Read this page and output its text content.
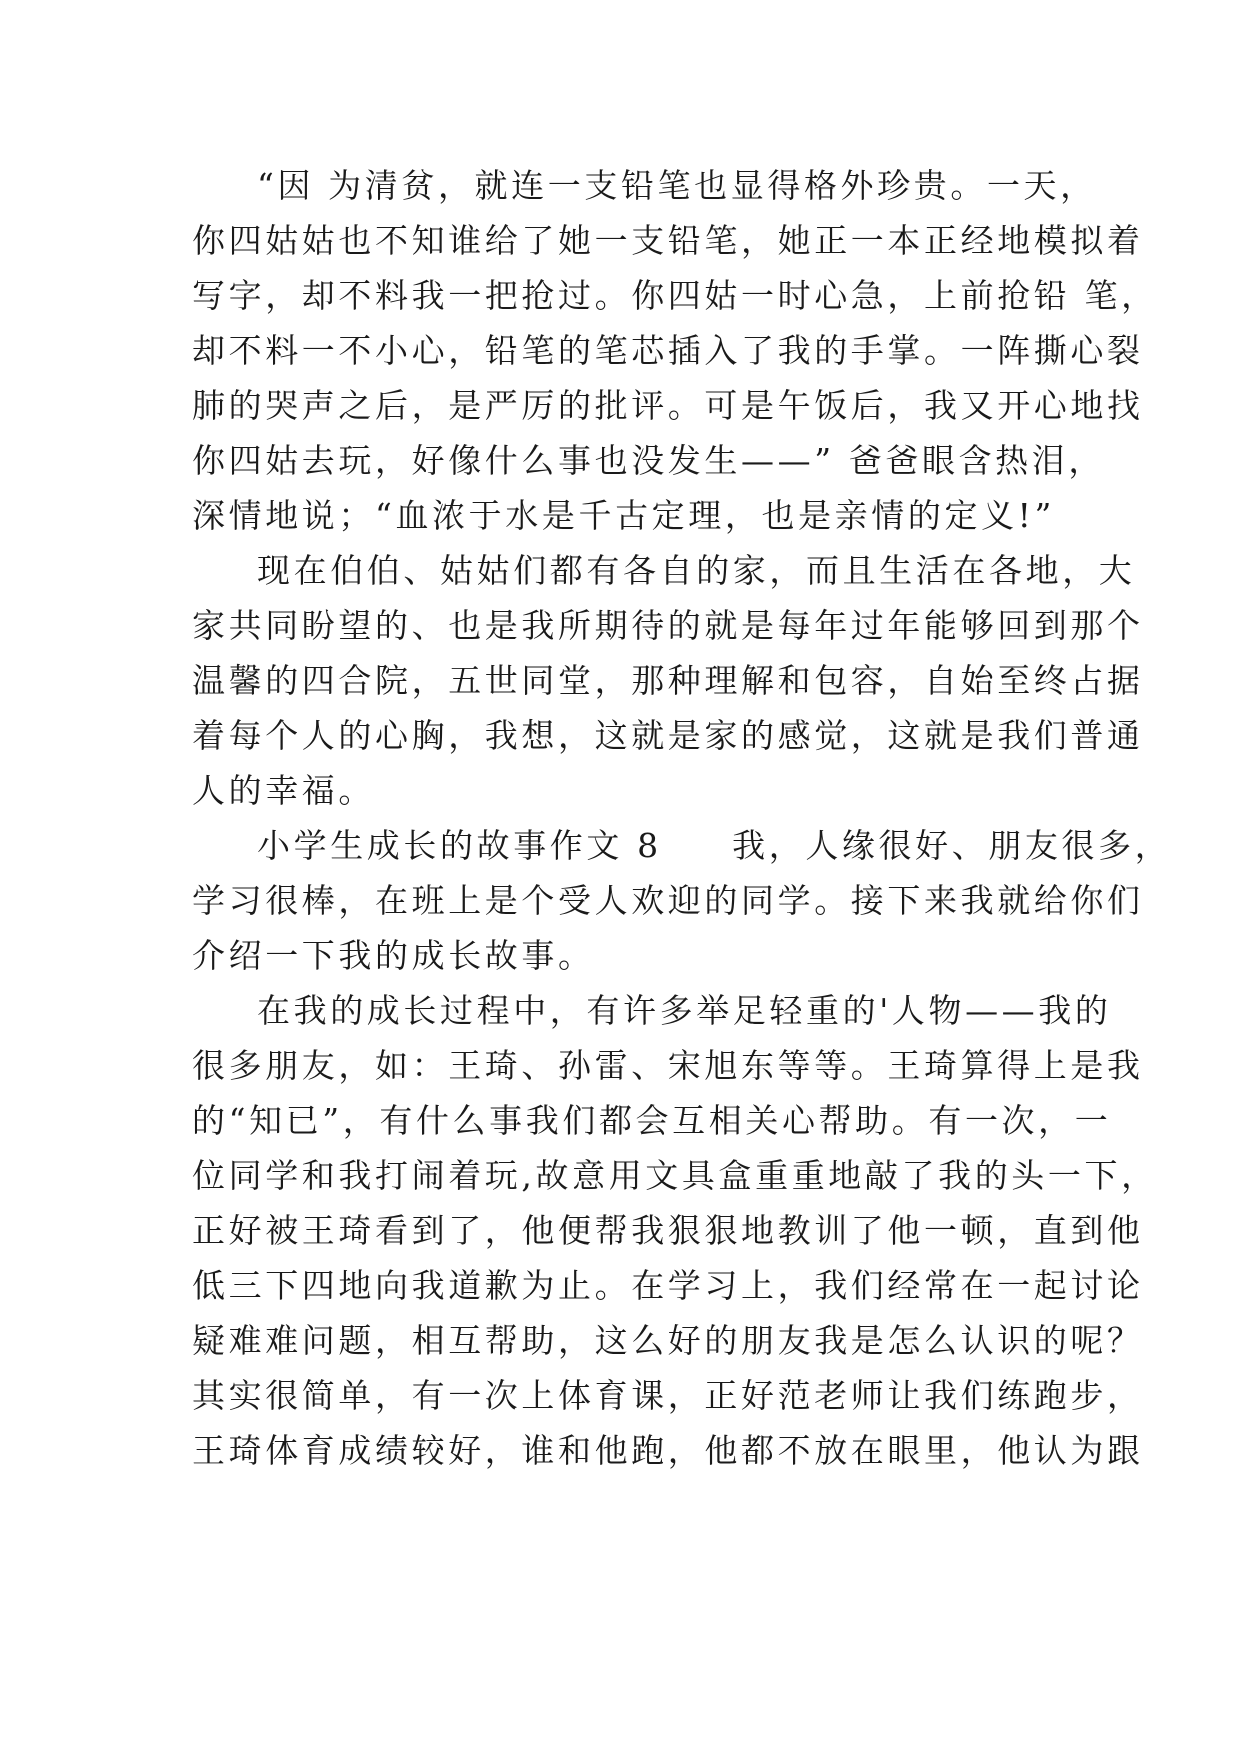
“因 为清贫，就连一支铅笔也显得格外珍贵。一天，
你四姑姑也不知谁给了她一支铅笔，她正一本正经地模拟着
写字，却不料我一把抢过。你四姑一时心急，上前抢铅 笔，
却不料一不小心，铅笔的笔芯插入了我的手掌。一阵撕心裂
肺的哭声之后，是严厉的批评。可是午饭后，我又开心地找
你四姑去玩，好像什么事也没发生——” 爸爸眼含热泪，
深情地说；“血浓于水是千古定理，也是亲情的定义!”
现在伯伯、姑姑们都有各自的家，而且生活在各地，大
家共同盼望的、也是我所期待的就是每年过年能够回到那个
温馨的四合院，五世同堂，那种理解和包容，自始至终占据
着每个人的心胸，我想，这就是家的感觉，这就是我们普通
人的幸福。
小学生成长的故事作文 8     我，人缘很好、朋友很多，
学习很棒，在班上是个受人欢迎的同学。接下来我就给你们
介绍一下我的成长故事。
在我的成长过程中，有许多举足轻重的'人物——我的
很多朋友，如：王琦、孙雷、宋旭东等等。王琦算得上是我
的“知已”，有什么事我们都会互相关心帮助。有一次，一
位同学和我打闹着玩,故意用文具盒重重地敲了我的头一下，
正好被王琦看到了，他便帮我狠狠地教训了他一顿，直到他
低三下四地向我道歉为止。在学习上，我们经常在一起讨论
疑难难问题，相互帮助，这么好的朋友我是怎么认识的呢？
其实很简单，有一次上体育课，正好范老师让我们练跑步，
王琦体育成绩较好，谁和他跑，他都不放在眼里，他认为跟
